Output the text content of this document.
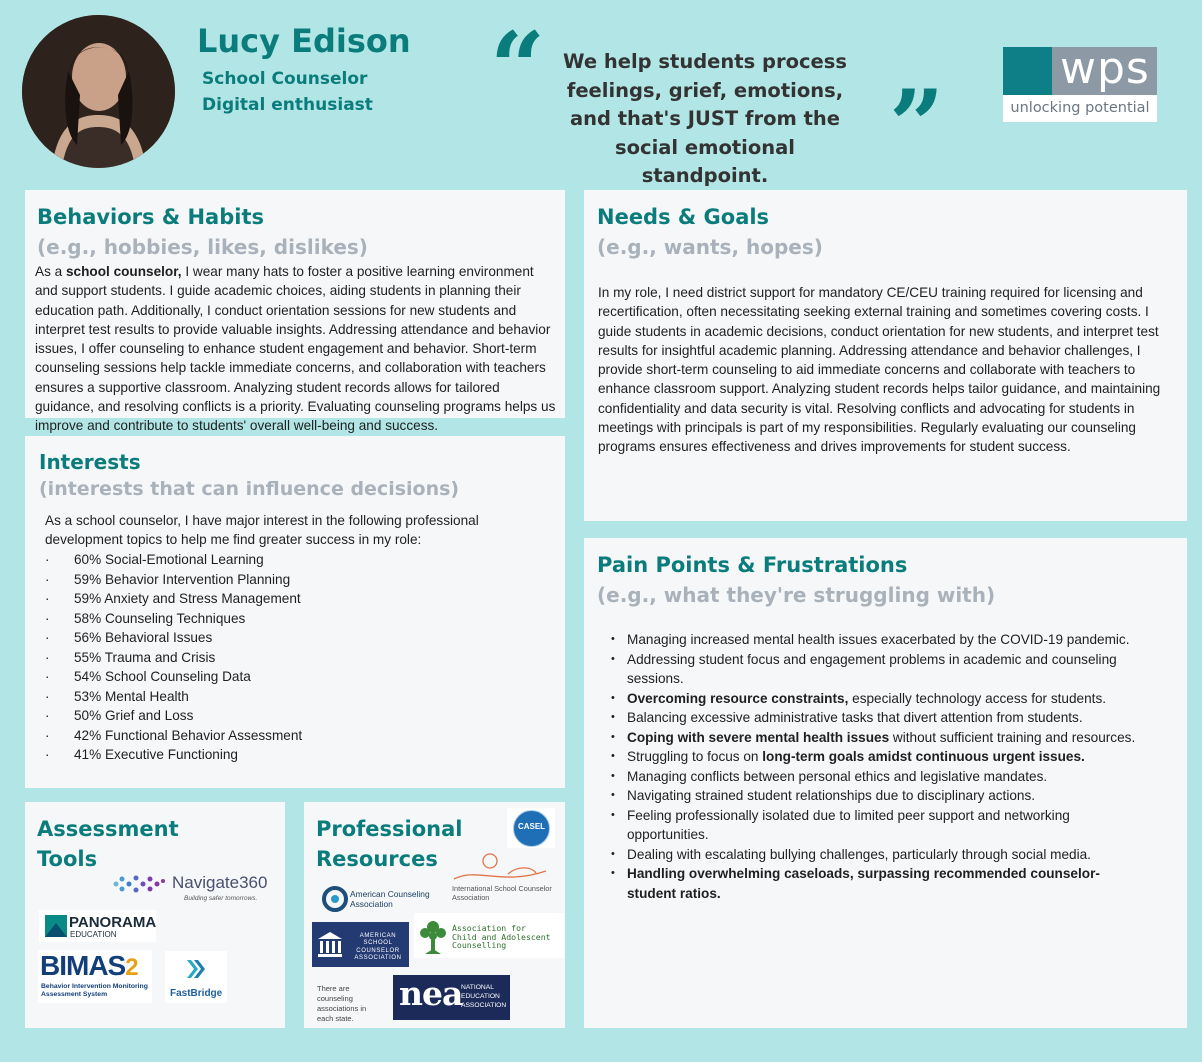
Lucy Edison
School Counselor
Digital enthusiast “ We help students process feelings, grief, emotions, and that's JUST from the social emotional standpoint.	”
wps
unlocking potential
Behaviors & Habits
(e.g., hobbies, likes, dislikes)
As a school counselor, I wear many hats to foster a positive learning environment and support students. I guide academic choices, aiding students in planning their education path. Additionally, I conduct orientation sessions for new students and interpret test results to provide valuable insights. Addressing attendance and behavior issues, I offer counseling to enhance student engagement and behavior. Short-term counseling sessions help tackle immediate concerns, and collaboration with teachers ensures a supportive classroom. Analyzing student records allows for tailored guidance, and resolving conflicts is a priority. Evaluating counseling programs helps us improve and contribute to students' overall well-being and success.
Interests
(interests that can influence decisions)
As a school counselor, I have major interest in the following professional development topics to help me find greater success in my role:
· 60% Social-Emotional Learning
· 59% Behavior Intervention Planning
· 59% Anxiety and Stress Management
· 58% Counseling Techniques
· 56% Behavioral Issues
· 55% Trauma and Crisis
· 54% School Counseling Data
· 53% Mental Health
· 50% Grief and Loss
· 42% Functional Behavior Assessment
· 41% Executive Functioning
Assessment
Tools
Navigate360
Building safer tomorrows.
PANORAMA
EDUCATION
BIMAS2
Behavior Intervention Monitoring Assessment System	FastBridge
Professional
Resources
CASEL
International School Counselor Association
American Counseling Association
AMERICAN
SCHOOL
COUNSELOR
ASSOCIATION
Association for
Child and Adolescent
Counselling
There are counseling associations in each state.
nea
NATIONAL
EDUCATION
ASSOCIATION
Needs & Goals
(e.g., wants, hopes)
In my role, I need district support for mandatory CE/CEU training required for licensing and recertification, often necessitating seeking external training and sometimes covering costs. I guide students in academic decisions, conduct orientation for new students, and interpret test results for insightful academic planning. Addressing attendance and behavior challenges, I provide short-term counseling to aid immediate concerns and collaborate with teachers to enhance classroom support. Analyzing student records helps tailor guidance, and maintaining confidentiality and data security is vital. Resolving conflicts and advocating for students in meetings with principals is part of my responsibilities. Regularly evaluating our counseling programs ensures effectiveness and drives improvements for student success.
Pain Points & Frustrations
(e.g., what they're struggling with)
• Managing increased mental health issues exacerbated by the COVID-19 pandemic.
• Addressing student focus and engagement problems in academic and counseling sessions.
• Overcoming resource constraints, especially technology access for students.
• Balancing excessive administrative tasks that divert attention from students.
• Coping with severe mental health issues without sufficient training and resources.
• Struggling to focus on long-term goals amidst continuous urgent issues.
• Managing conflicts between personal ethics and legislative mandates.
• Navigating strained student relationships due to disciplinary actions.
• Feeling professionally isolated due to limited peer support and networking opportunities.
• Dealing with escalating bullying challenges, particularly through social media.
• Handling overwhelming caseloads, surpassing recommended counselor-student ratios.
